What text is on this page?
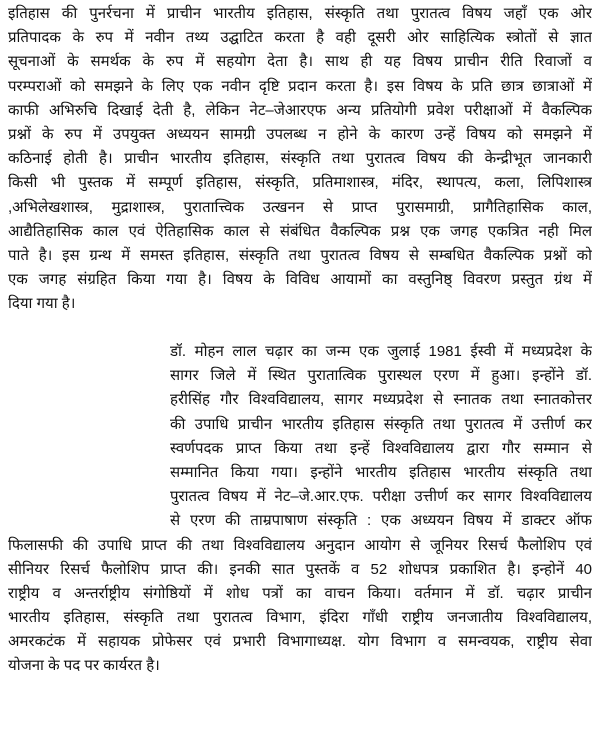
इतिहास की पुनर्रचना में प्राचीन भारतीय इतिहास, संस्कृति तथा पुरातत्व विषय जहाँ एक ओर
प्रतिपादक के रुप में नवीन तथ्य उद्घाटित करता है वही दूसरी ओर साहित्यिक स्त्रोतों से ज्ञात
सूचनाओं के समर्थक के रुप में सहयोग देता है। साथ ही यह विषय प्राचीन रीति रिवाजों व
परम्पराओं को समझने के लिए एक नवीन दृष्टि प्रदान करता है। इस विषय के प्रति छात्र छात्राओं में
काफी अभिरुचि दिखाई देती है, लेकिन नेट–जेआरएफ अन्य प्रतियोगी प्रवेश परीक्षाओं में वैकल्पिक
प्रश्नों के रुप में उपयुक्त अध्ययन सामग्री उपलब्ध न होने के कारण उन्हें विषय को समझने में
कठिनाई होती है। प्राचीन भारतीय इतिहास, संस्कृति तथा पुरातत्व विषय की केन्द्रीभूत जानकारी
किसी भी पुस्तक में सम्पूर्ण इतिहास, संस्कृति, प्रतिमाशास्त्र, मंदिर, स्थापत्य, कला, लिपिशास्त्र
,अभिलेखशास्त्र, मुद्राशास्त्र, पुरातात्त्विक उत्खनन से प्राप्त पुरासमाग्री, प्रागैतिहासिक काल,
आद्यैतिहासिक काल एवं ऐतिहासिक काल से संबंधित वैकल्पिक प्रश्न एक जगह एकत्रित नही मिल
पाते है। इस ग्रन्थ में समस्त इतिहास, संस्कृति तथा पुरातत्व विषय से सम्बधित वैकल्पिक प्रश्नों को
एक जगह संग्रहित किया गया है। विषय के विविध आयामों का वस्तुनिष्ठ् विवरण प्रस्तुत ग्रंथ में
दिया गया है।
डॉ. मोहन लाल चढ़ार का जन्म एक जुलाई 1981 ईस्वी में मध्यप्रदेश के
सागर जिले में स्थित पुरातात्विक पुरास्थल एरण में हुआ। इन्होंने डॉ.
हरीसिंह गौर विश्वविद्यालय, सागर मध्यप्रदेश से स्नातक तथा स्नातकोत्तर
की उपाधि प्राचीन भारतीय इतिहास संस्कृति तथा पुरातत्व में उत्तीर्ण कर
स्वर्णपदक प्राप्त किया तथा इन्हें विश्वविद्यालय द्वारा गौर सम्मान से
सम्मानित किया गया। इन्होंने भारतीय इतिहास भारतीय संस्कृति तथा
पुरातत्व विषय में नेट–जे.आर.एफ. परीक्षा उत्तीर्ण कर सागर विश्वविद्यालय
से एरण की ताम्रपाषाण संस्कृति : एक अध्ययन विषय में डाक्टर ऑफ
फिलासफी की उपाधि प्राप्त की तथा विश्वविद्यालय अनुदान आयोग से जूनियर रिसर्च फैलोशिप एवं
सीनियर रिसर्च फैलोशिप प्राप्त की। इनकी सात पुस्तकें व 52 शोधपत्र प्रकाशित है। इन्होनें 40
राष्ट्रीय व अन्तर्राष्ट्रीय संगोष्ठियों में शोध पत्रों का वाचन किया। वर्तमान में डॉ. चढ़ार प्राचीन
भारतीय इतिहास, संस्कृति तथा पुरातत्व विभाग, इंदिरा गाँधी राष्ट्रीय जनजातीय विश्वविद्यालय,
अमरकटंक में सहायक प्रोफेसर एवं प्रभारी विभागाध्यक्ष. योग विभाग व समन्वयक, राष्ट्रीय सेवा
योजना के पद पर कार्यरत है।
